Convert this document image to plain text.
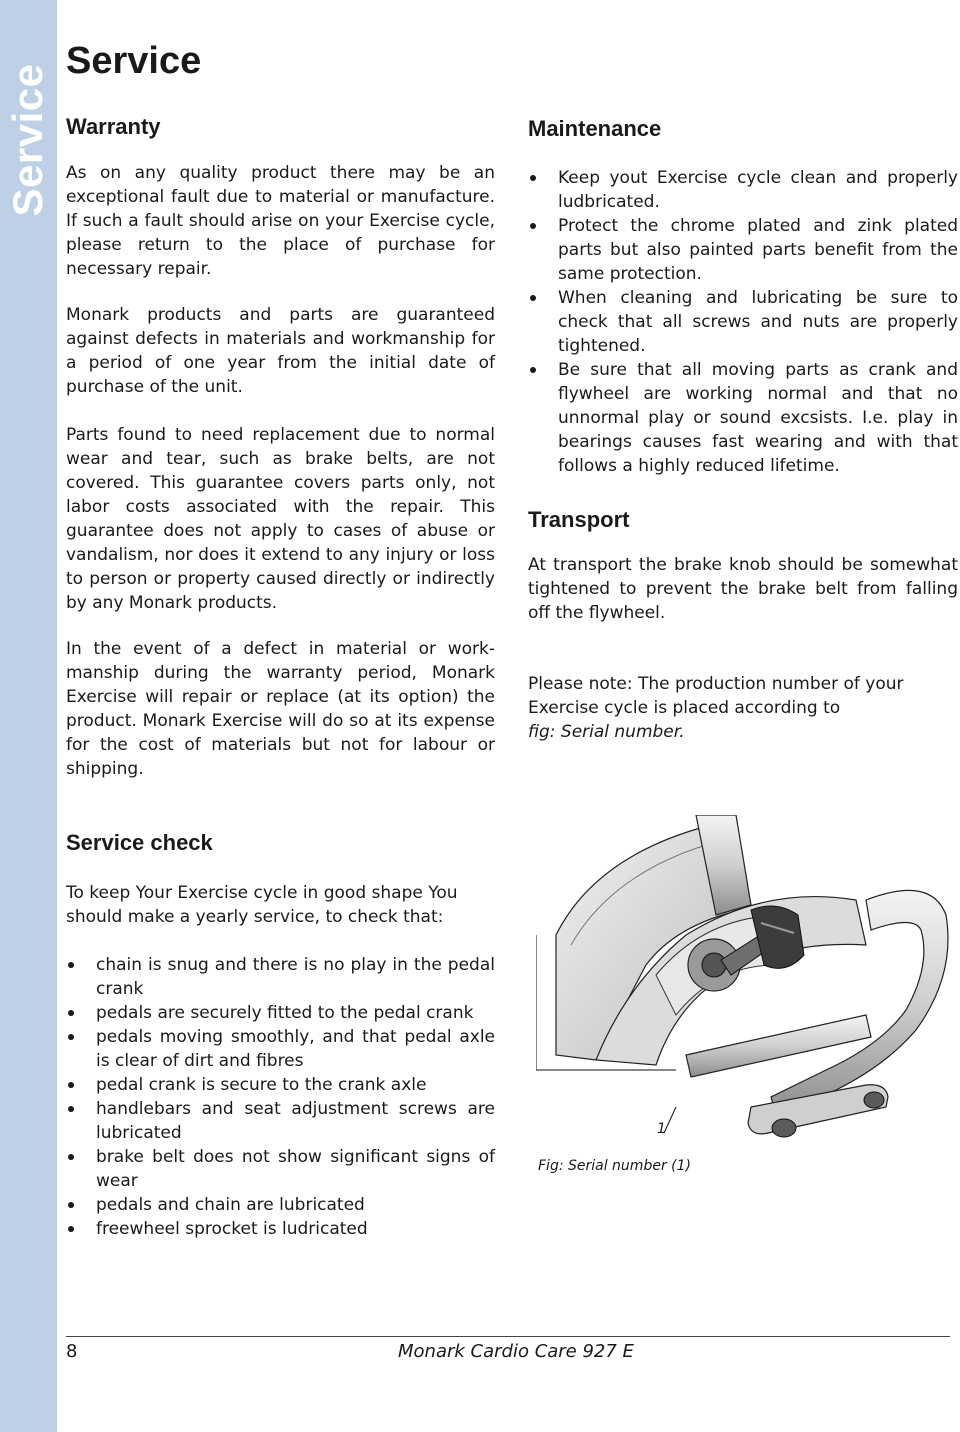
Service
Service
Warranty
As on any quality product there may be an exceptional fault due to material or manufacture. If such a fault should arise on your Exercise cycle, please return to the place of purchase for necessary repair.
Monark products and parts are guaranteed against defects in materials and workmanship for a period of one year from the initial date of purchase of the unit.
Parts found to need replacement due to normal wear and tear, such as brake belts, are not covered. This guarantee covers parts only, not labor costs associated with the repair. This guarantee does not apply to cases of abuse or vandalism, nor does it extend to any injury or loss to person or property caused directly or indirectly by any Monark products.
In the event of a defect in material or workmanship during the warranty period, Monark Exercise will repair or replace (at its option) the product. Monark Exercise will do so at its expense for the cost of materials but not for labour or shipping.
Maintenance
Keep yout Exercise cycle clean and properly ludbricated.
Protect the chrome plated and zink plated parts but also painted parts benefit from the same protection.
When cleaning and lubricating be sure to check that all screws and nuts are properly tightened.
Be sure that all moving parts as crank and flywheel are working normal and that no unnormal play or sound excsists. I.e. play in bearings causes fast wearing and with that follows a highly reduced lifetime.
Transport
At transport the brake knob should be somewhat tightened to prevent the brake belt from falling off the flywheel.
Please note: The production number of your Exercise cycle is placed according to
fig: Serial number.
Service check
To keep Your Exercise cycle in good shape You should make a yearly service, to check that:
chain is snug and there is no play in the pedal crank
pedals are securely fitted to the pedal crank
pedals moving smoothly, and that pedal axle is clear of dirt and fibres
pedal crank is secure to the crank axle
handlebars and seat adjustment screws are lubricated
brake belt does not show significant signs of wear
pedals and chain are lubricated
freewheel sprocket is ludricated
1
Fig: Serial number (1)
8	Monark Cardio Care 927 E
